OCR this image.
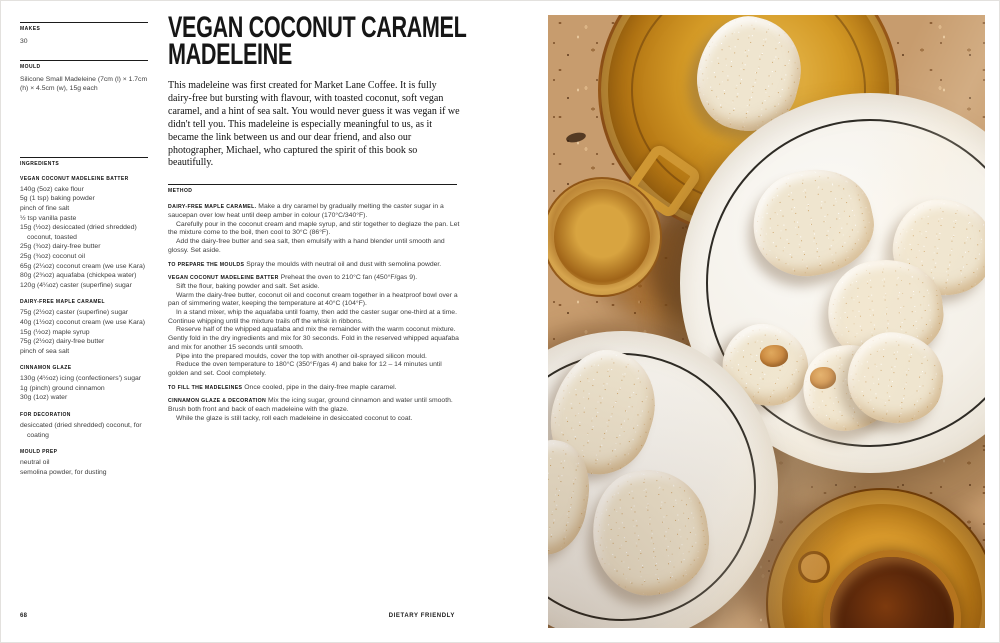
MAKES
30
MOULD
Silicone Small Madeleine (7cm (l) × 1.7cm (h) × 4.5cm (w), 15g each
INGREDIENTS
VEGAN COCONUT MADELEINE BATTER
140g (5oz) cake flour
5g (1 tsp) baking powder
pinch of fine salt
½ tsp vanilla paste
15g (½oz) desiccated (dried shredded) coconut, toasted
25g (¾oz) dairy-free butter
25g (¾oz) coconut oil
65g (2¼oz) coconut cream (we use Kara)
80g (2¾oz) aquafaba (chickpea water)
120g (4¼oz) caster (superfine) sugar
DAIRY-FREE MAPLE CARAMEL
75g (2½oz) caster (superfine) sugar
40g (1½oz) coconut cream (we use Kara)
15g (½oz) maple syrup
75g (2½oz) dairy-free butter
pinch of sea salt
CINNAMON GLAZE
130g (4½oz) icing (confectioners') sugar
1g (pinch) ground cinnamon
30g (1oz) water
FOR DECORATION
desiccated (dried shredded) coconut, for coating
MOULD PREP
neutral oil
semolina powder, for dusting
VEGAN COCONUT CARAMEL
MADELEINE

This madeleine was first created for Market Lane Coffee. It is fully dairy-free but bursting with flavour, with toasted coconut, soft vegan caramel, and a hint of sea salt. You would never guess it was vegan if we didn't tell you. This madeleine is especially meaningful to us, as it became the link between us and our dear friend, and also our photographer, Michael, who captured the spirit of this book so beautifully.

METHOD

DAIRY-FREE MAPLE CARAMEL. Make a dry caramel by gradually melting the caster sugar in a saucepan over low heat until deep amber in colour (170°C/340°F).

Carefully pour in the coconut cream and maple syrup, and stir together to deglaze the pan. Let the mixture come to the boil, then cool to 30°C (86°F).

Add the dairy-free butter and sea salt, then emulsify with a hand blender until smooth and glossy. Set aside.

TO PREPARE THE MOULDS Spray the moulds with neutral oil and dust with semolina powder.

VEGAN COCONUT MADELEINE BATTER Preheat the oven to 210°C fan (450°F/gas 9).

Sift the flour, baking powder and salt. Set aside.

Warm the dairy-free butter, coconut oil and coconut cream together in a heatproof bowl over a pan of simmering water, keeping the temperature at 40°C (104°F).

In a stand mixer, whip the aquafaba until foamy, then add the caster sugar one-third at a time. Continue whipping until the mixture trails off the whisk in ribbons.

Reserve half of the whipped aquafaba and mix the remainder with the warm coconut mixture. Gently fold in the dry ingredients and mix for 30 seconds. Fold in the reserved whipped aquafaba and mix for another 15 seconds until smooth.

Pipe into the prepared moulds, cover the top with another oil-sprayed silicon mould.

Reduce the oven temperature to 180°C (350°F/gas 4) and bake for 12 – 14 minutes until golden and set. Cool completely.

TO FILL THE MADELEINES Once cooled, pipe in the dairy-free maple caramel.

CINNAMON GLAZE & DECORATION Mix the icing sugar, ground cinnamon and water until smooth. Brush both front and back of each madeleine with the glaze.

While the glaze is still tacky, roll each madeleine in desiccated coconut to coat.

68	DIETARY FRIENDLY
